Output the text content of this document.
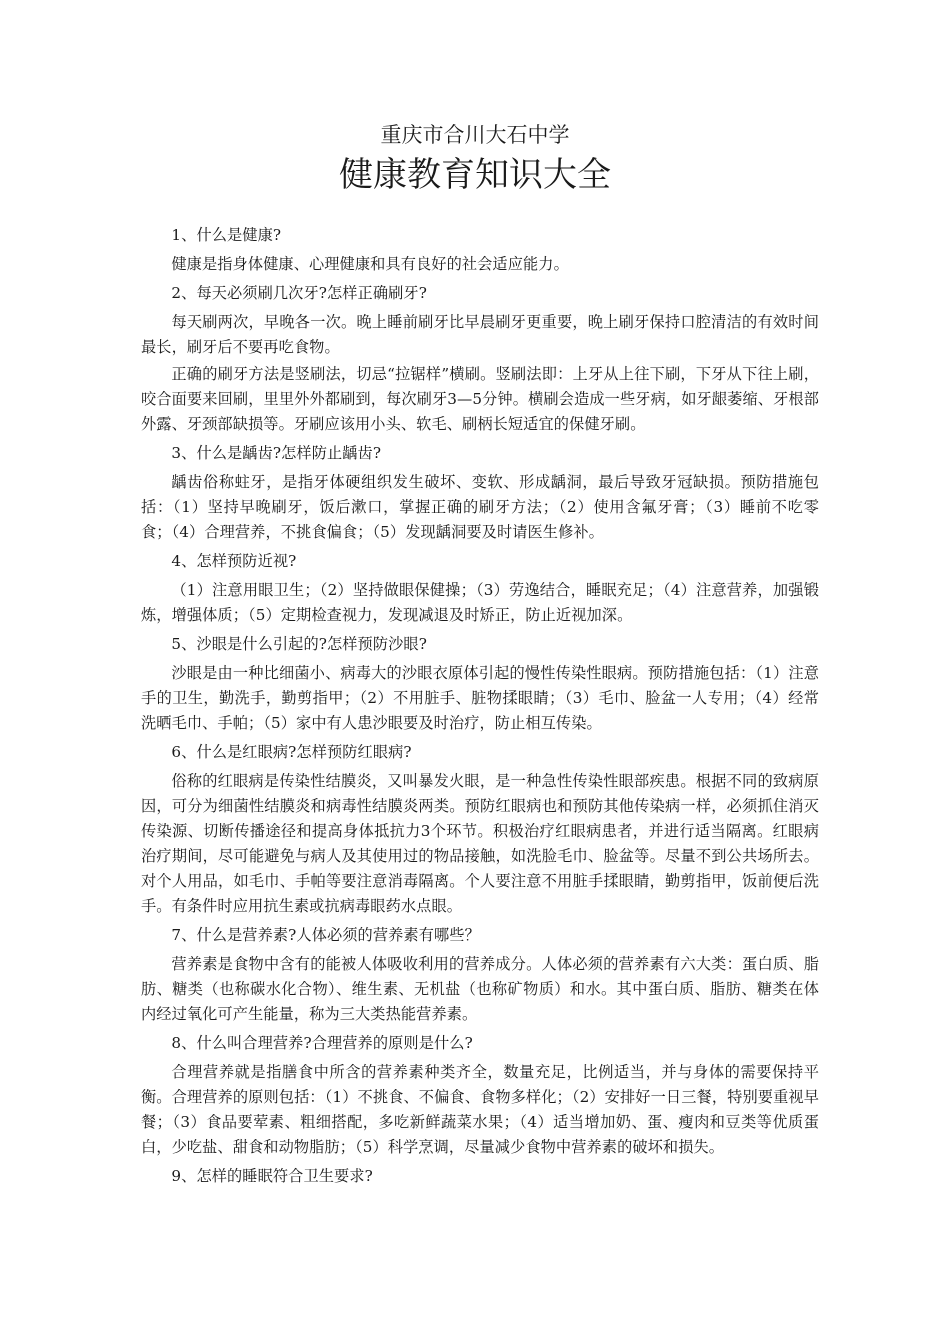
重庆市合川大石中学
健康教育知识大全

1、什么是健康?

健康是指身体健康、心理健康和具有良好的社会适应能力。

2、每天必须刷几次牙?怎样正确刷牙?

每天刷两次，早晚各一次。晚上睡前刷牙比早晨刷牙更重要，晚上刷牙保持口腔清洁的有效时间最长，刷牙后不要再吃食物。

正确的刷牙方法是竖刷法，切忌“拉锯样”横刷。竖刷法即：上牙从上往下刷，下牙从下往上刷，咬合面要来回刷，里里外外都刷到，每次刷牙3—5分钟。横刷会造成一些牙病，如牙龈萎缩、牙根部外露、牙颈部缺损等。牙刷应该用小头、软毛、刷柄长短适宜的保健牙刷。

3、什么是龋齿?怎样防止龋齿?

龋齿俗称蛀牙，是指牙体硬组织发生破坏、变软、形成龋洞，最后导致牙冠缺损。预防措施包括：（1）坚持早晚刷牙，饭后漱口，掌握正确的刷牙方法；（2）使用含氟牙膏；（3）睡前不吃零食；（4）合理营养，不挑食偏食；（5）发现龋洞要及时请医生修补。

4、怎样预防近视?

（1）注意用眼卫生；（2）坚持做眼保健操；（3）劳逸结合，睡眠充足；（4）注意营养，加强锻炼，增强体质；（5）定期检查视力，发现减退及时矫正，防止近视加深。

5、沙眼是什么引起的?怎样预防沙眼?

沙眼是由一种比细菌小、病毒大的沙眼衣原体引起的慢性传染性眼病。预防措施包括：（1）注意手的卫生，勤洗手，勤剪指甲；（2）不用脏手、脏物揉眼睛；（3）毛巾、脸盆一人专用；（4）经常洗晒毛巾、手帕；（5）家中有人患沙眼要及时治疗，防止相互传染。

6、什么是红眼病?怎样预防红眼病?

俗称的红眼病是传染性结膜炎，又叫暴发火眼，是一种急性传染性眼部疾患。根据不同的致病原因，可分为细菌性结膜炎和病毒性结膜炎两类。预防红眼病也和预防其他传染病一样，必须抓住消灭传染源、切断传播途径和提高身体抵抗力3个环节。积极治疗红眼病患者，并进行适当隔离。红眼病治疗期间，尽可能避免与病人及其使用过的物品接触，如洗脸毛巾、脸盆等。尽量不到公共场所去。对个人用品，如毛巾、手帕等要注意消毒隔离。个人要注意不用脏手揉眼睛，勤剪指甲，饭前便后洗手。有条件时应用抗生素或抗病毒眼药水点眼。

7、什么是营养素?人体必须的营养素有哪些？

营养素是食物中含有的能被人体吸收利用的营养成分。人体必须的营养素有六大类：蛋白质、脂肪、糖类（也称碳水化合物）、维生素、无机盐（也称矿物质）和水。其中蛋白质、脂肪、糖类在体内经过氧化可产生能量，称为三大类热能营养素。

8、什么叫合理营养?合理营养的原则是什么?

合理营养就是指膳食中所含的营养素种类齐全，数量充足，比例适当，并与身体的需要保持平衡。合理营养的原则包括：（1）不挑食、不偏食、食物多样化；（2）安排好一日三餐，特别要重视早餐；（3）食品要荤素、粗细搭配，多吃新鲜蔬菜水果；（4）适当增加奶、蛋、瘦肉和豆类等优质蛋白，少吃盐、甜食和动物脂肪；（5）科学烹调，尽量减少食物中营养素的破坏和损失。

9、怎样的睡眠符合卫生要求?
